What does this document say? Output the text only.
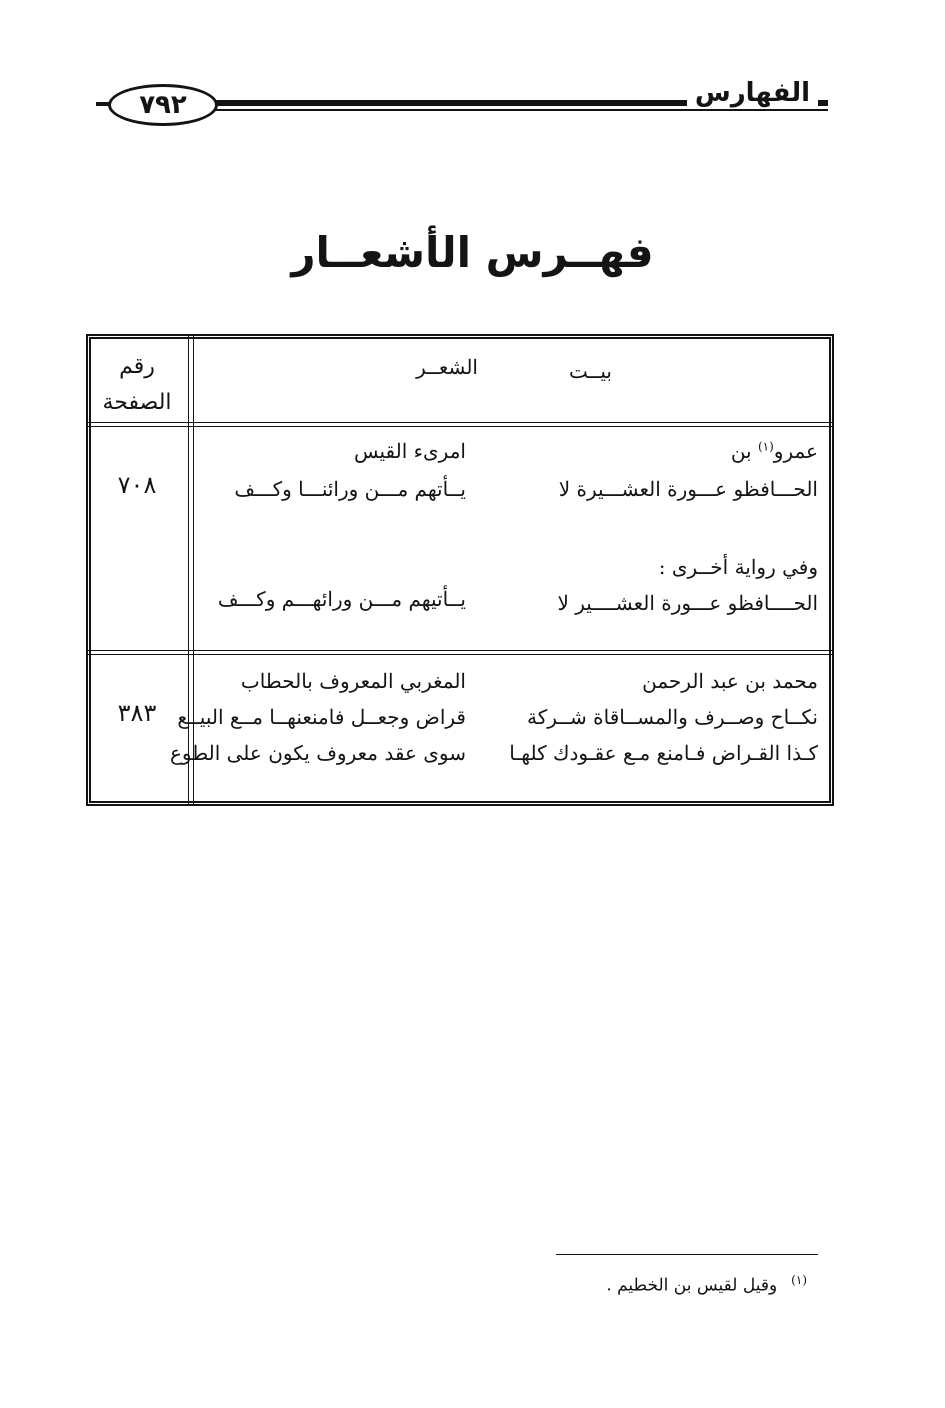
٧٩٢	الفهارس
فهــرس الأشعــار
رقم
الصفحة
بيــت
الشعــر
عمرو$^{(١)}$ بن
امرىء القيس
الحـــافظو عـــورة العشـــيرة لا
يــأتهم مـــن ورائنـــا وكـــف
٧٠٨
وفي رواية أخــرى :
الحــــافظو عـــورة العشــــير لا
يــأتيهم مـــن ورائهـــم وكـــف
محمد بن عبد الرحمن
المغربي المعروف بالحطاب
نكــاح وصــرف والمســاقاة شــركة
قراض وجعــل فامنعنهــا مــع البيــع
٣٨٣
كـذا القـراض فـامنع مـع عقـودك كلهـا
سوى عقد معروف يكون على الطوع
$^{(١)}$وقيل لقيس بن الخطيم .
